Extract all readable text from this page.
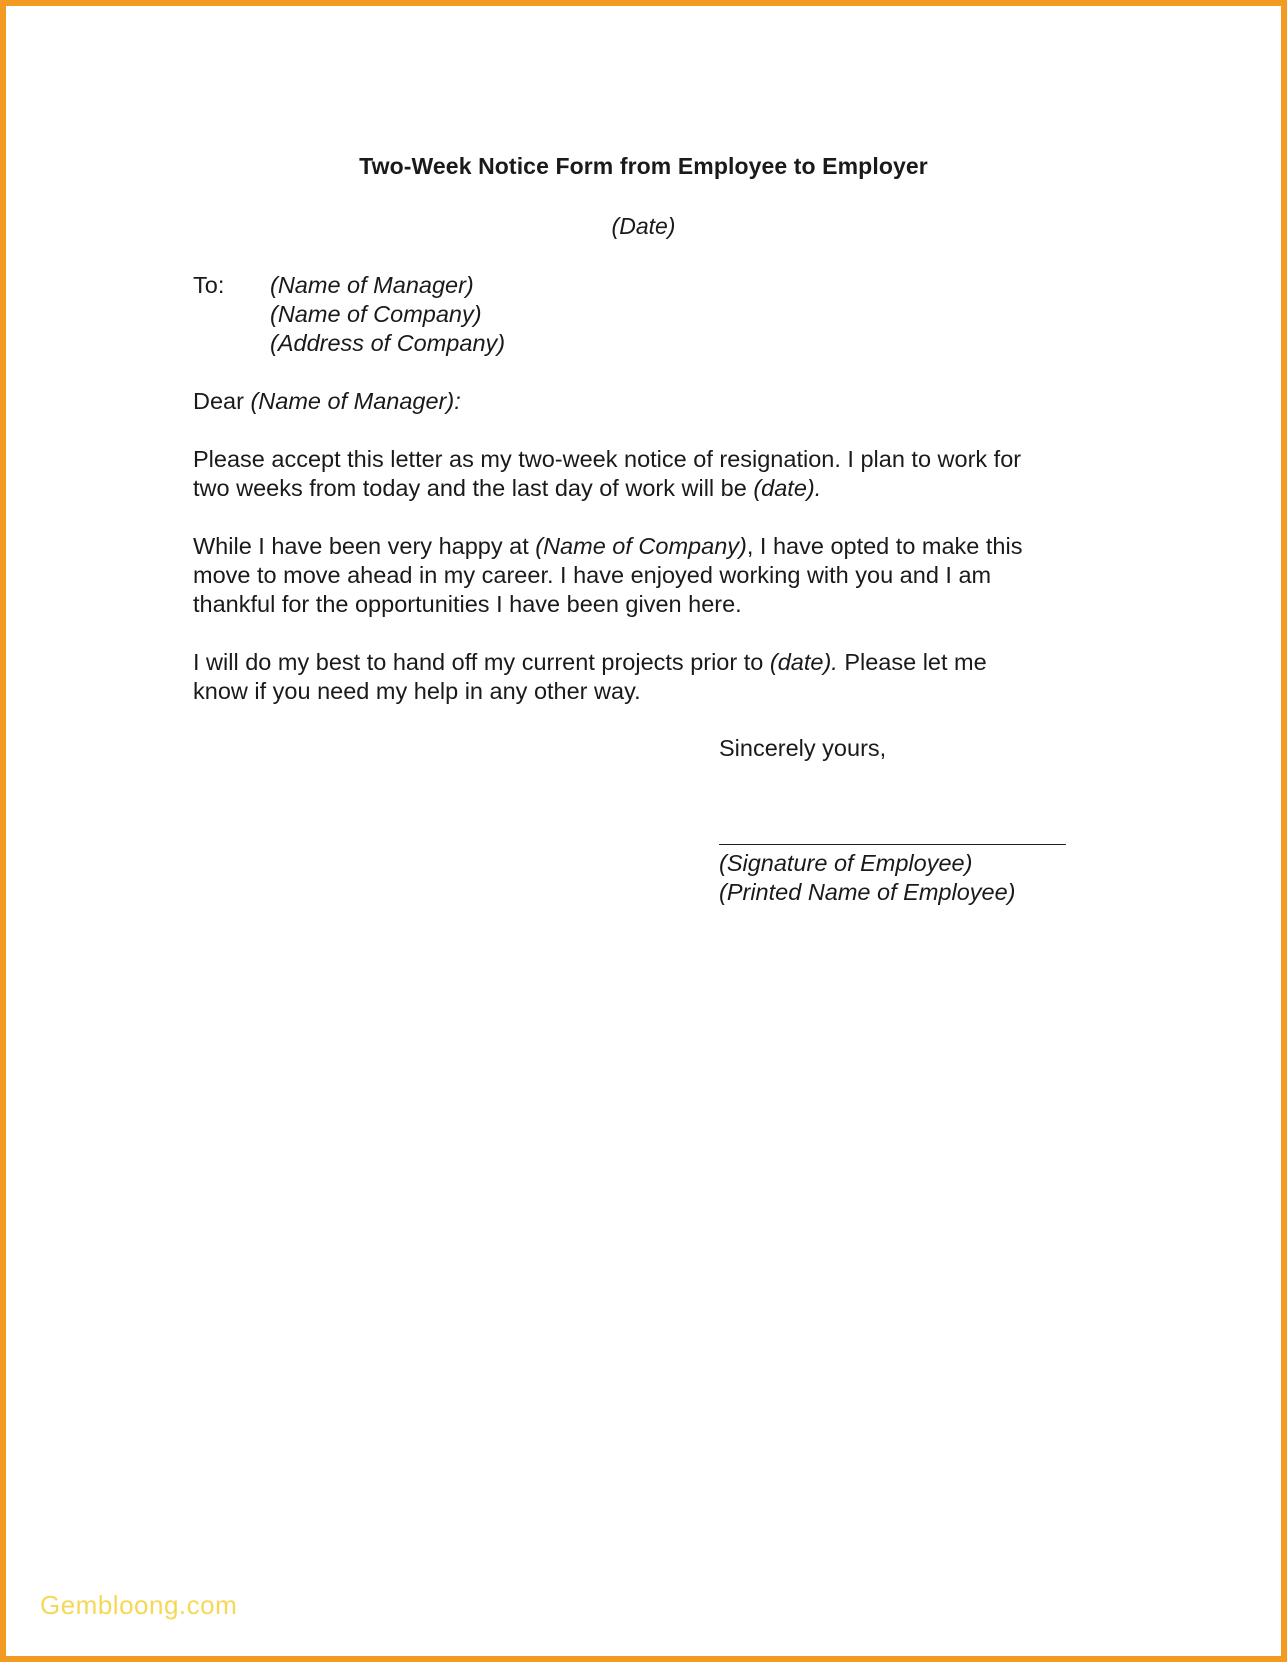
Two-Week Notice Form from Employee to Employer
(Date)
To: (Name of Manager)
(Name of Company)
(Address of Company)
Dear (Name of Manager):
Please accept this letter as my two-week notice of resignation. I plan to work for
two weeks from today and the last day of work will be (date).
While I have been very happy at (Name of Company), I have opted to make this
move to move ahead in my career. I have enjoyed working with you and I am
thankful for the opportunities I have been given here.
I will do my best to hand off my current projects prior to (date). Please let me
know if you need my help in any other way.
Sincerely yours,
(Signature of Employee)
(Printed Name of Employee)
Gembloong.com
